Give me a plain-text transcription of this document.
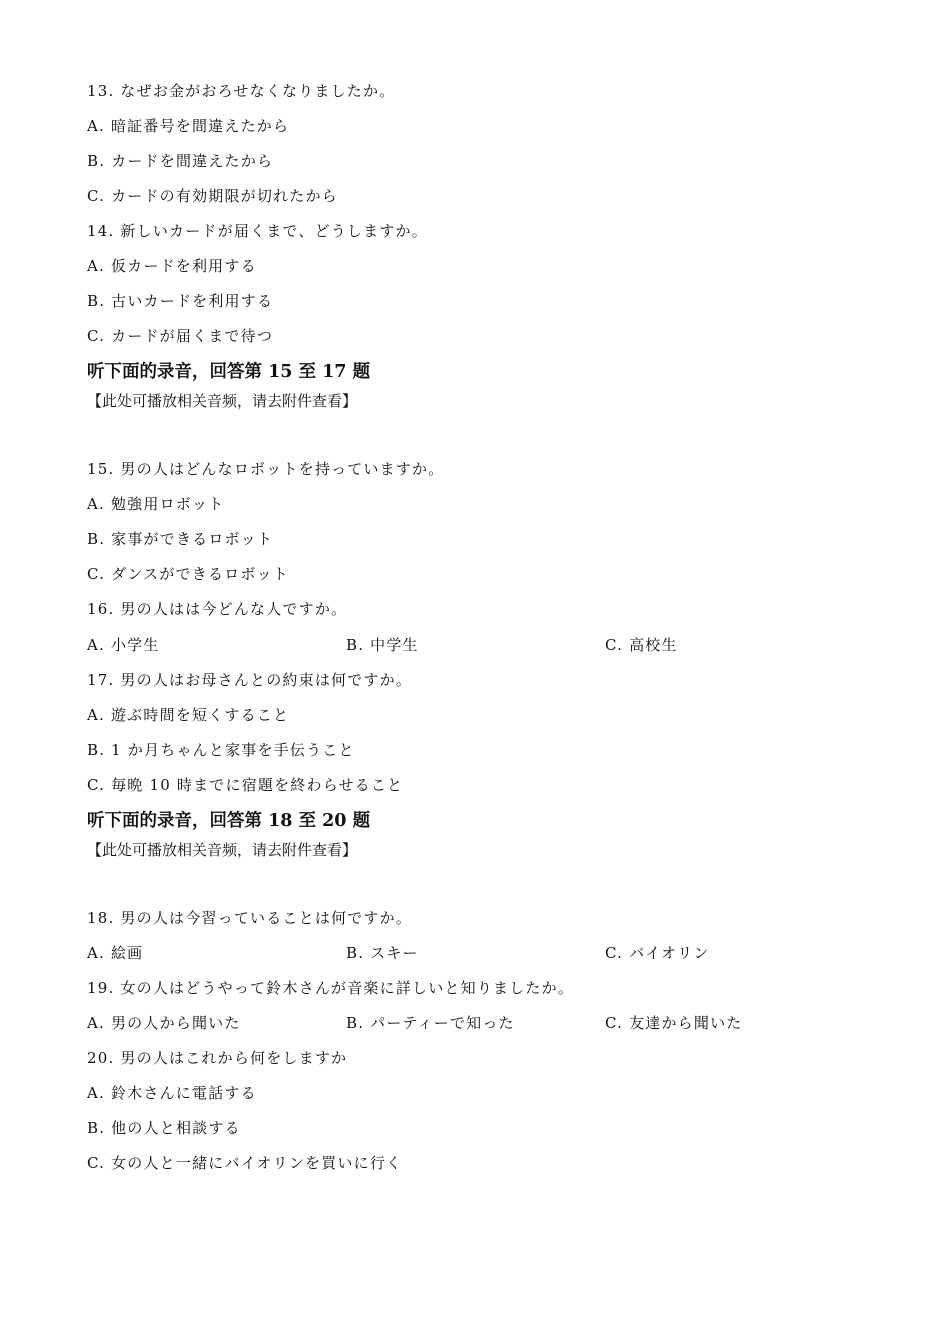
13. なぜお金がおろせなくなりましたか。
A. 暗証番号を間違えたから
B. カードを間違えたから
C. カードの有効期限が切れたから
14. 新しいカードが届くまで、どうしますか。
A. 仮カードを利用する
B. 古いカードを利用する
C. カードが届くまで待つ
听下面的录音，回答第 15 至 17 题
【此处可播放相关音频，请去附件查看】
15. 男の人はどんなロボットを持っていますか。
A. 勉強用ロボット
B. 家事ができるロボット
C. ダンスができるロボット
16. 男の人はは今どんな人ですか。
A. 小学生	B. 中学生	C. 高校生
17. 男の人はお母さんとの約束は何ですか。
A. 遊ぶ時間を短くすること
B. 1 か月ちゃんと家事を手伝うこと
C. 毎晩 10 時までに宿題を終わらせること
听下面的录音，回答第 18 至 20 题
【此处可播放相关音频，请去附件查看】
18. 男の人は今習っていることは何ですか。
A. 絵画	B. スキー	C. バイオリン
19. 女の人はどうやって鈴木さんが音楽に詳しいと知りましたか。
A. 男の人から聞いた	B. パーティーで知った	C. 友達から聞いた
20. 男の人はこれから何をしますか
A. 鈴木さんに電話する
B. 他の人と相談する
C. 女の人と一緒にバイオリンを買いに行く
